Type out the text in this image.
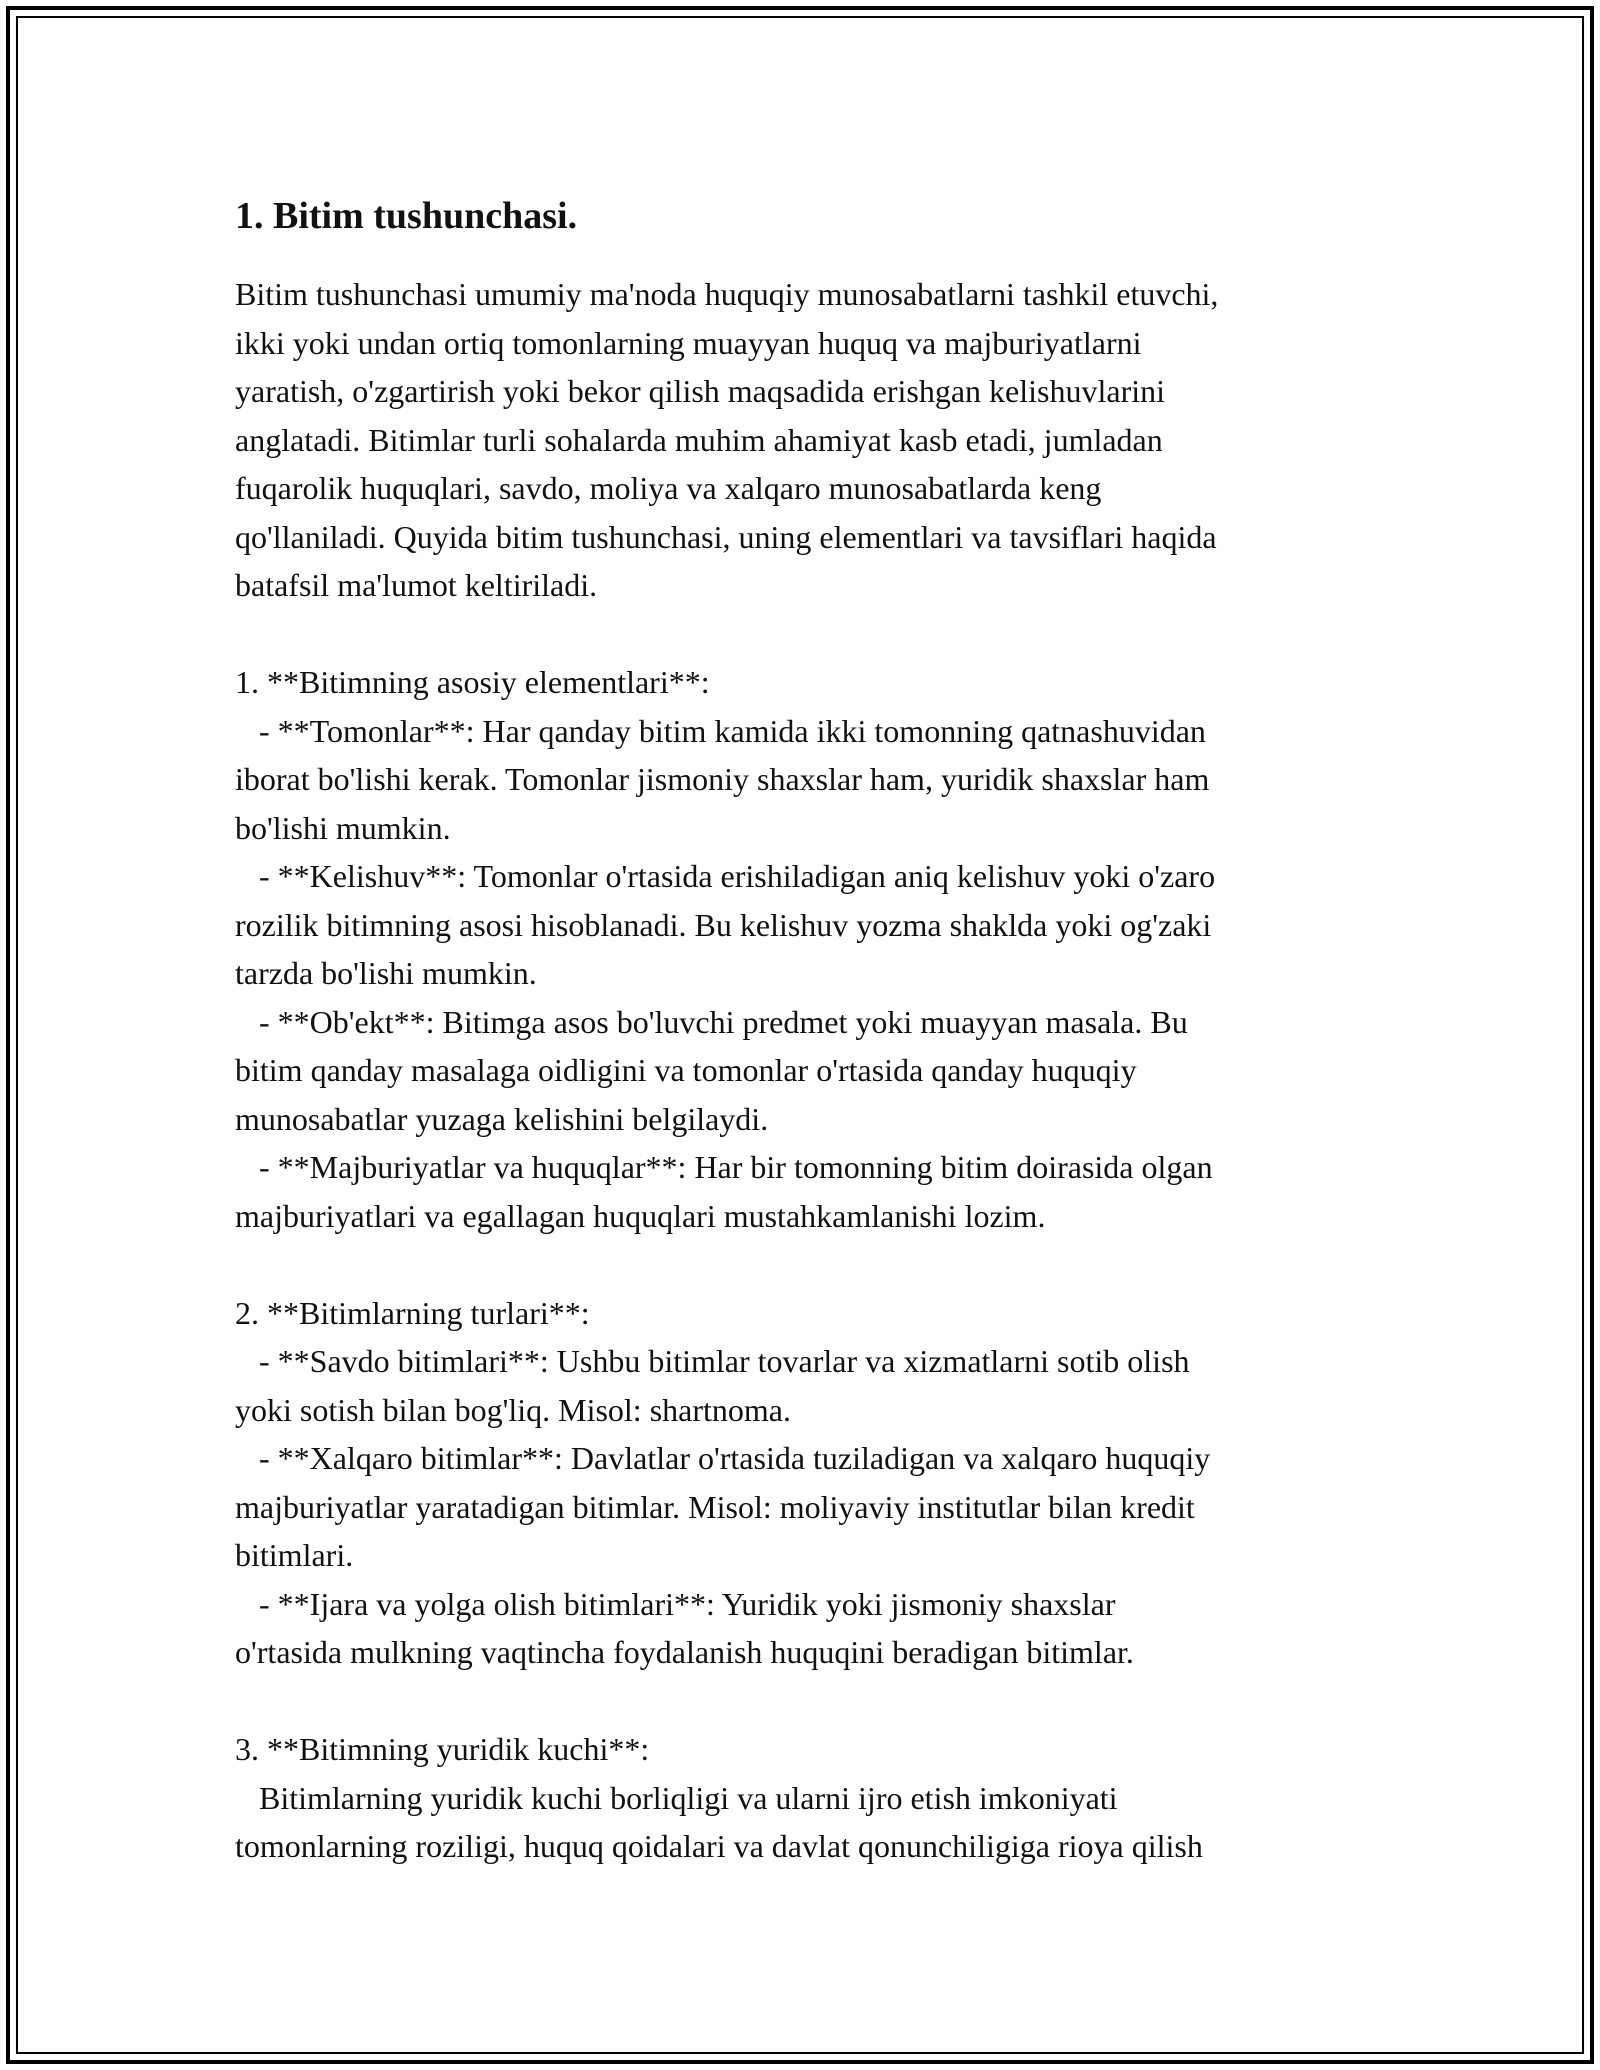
1. Bitim tushunchasi.

Bitim tushunchasi umumiy ma'noda huquqiy munosabatlarni tashkil etuvchi,

ikki yoki undan ortiq tomonlarning muayyan huquq va majburiyatlarni

yaratish, o'zgartirish yoki bekor qilish maqsadida erishgan kelishuvlarini

anglatadi. Bitimlar turli sohalarda muhim ahamiyat kasb etadi, jumladan

fuqarolik huquqlari, savdo, moliya va xalqaro munosabatlarda keng

qo'llaniladi. Quyida bitim tushunchasi, uning elementlari va tavsiflari haqida

batafsil ma'lumot keltiriladi.

1. **Bitimning asosiy elementlari**:

- **Tomonlar**: Har qanday bitim kamida ikki tomonning qatnashuvidan

iborat bo'lishi kerak. Tomonlar jismoniy shaxslar ham, yuridik shaxslar ham

bo'lishi mumkin.

- **Kelishuv**: Tomonlar o'rtasida erishiladigan aniq kelishuv yoki o'zaro

rozilik bitimning asosi hisoblanadi. Bu kelishuv yozma shaklda yoki og'zaki

tarzda bo'lishi mumkin.

- **Ob'ekt**: Bitimga asos bo'luvchi predmet yoki muayyan masala. Bu

bitim qanday masalaga oidligini va tomonlar o'rtasida qanday huquqiy

munosabatlar yuzaga kelishini belgilaydi.

- **Majburiyatlar va huquqlar**: Har bir tomonning bitim doirasida olgan

majburiyatlari va egallagan huquqlari mustahkamlanishi lozim.

2. **Bitimlarning turlari**:

- **Savdo bitimlari**: Ushbu bitimlar tovarlar va xizmatlarni sotib olish

yoki sotish bilan bog'liq. Misol: shartnoma.

- **Xalqaro bitimlar**: Davlatlar o'rtasida tuziladigan va xalqaro huquqiy

majburiyatlar yaratadigan bitimlar. Misol: moliyaviy institutlar bilan kredit

bitimlari.

- **Ijara va yolga olish bitimlari**: Yuridik yoki jismoniy shaxslar

o'rtasida mulkning vaqtincha foydalanish huquqini beradigan bitimlar.

3. **Bitimning yuridik kuchi**:

Bitimlarning yuridik kuchi borliqligi va ularni ijro etish imkoniyati

tomonlarning roziligi, huquq qoidalari va davlat qonunchiligiga rioya qilish
